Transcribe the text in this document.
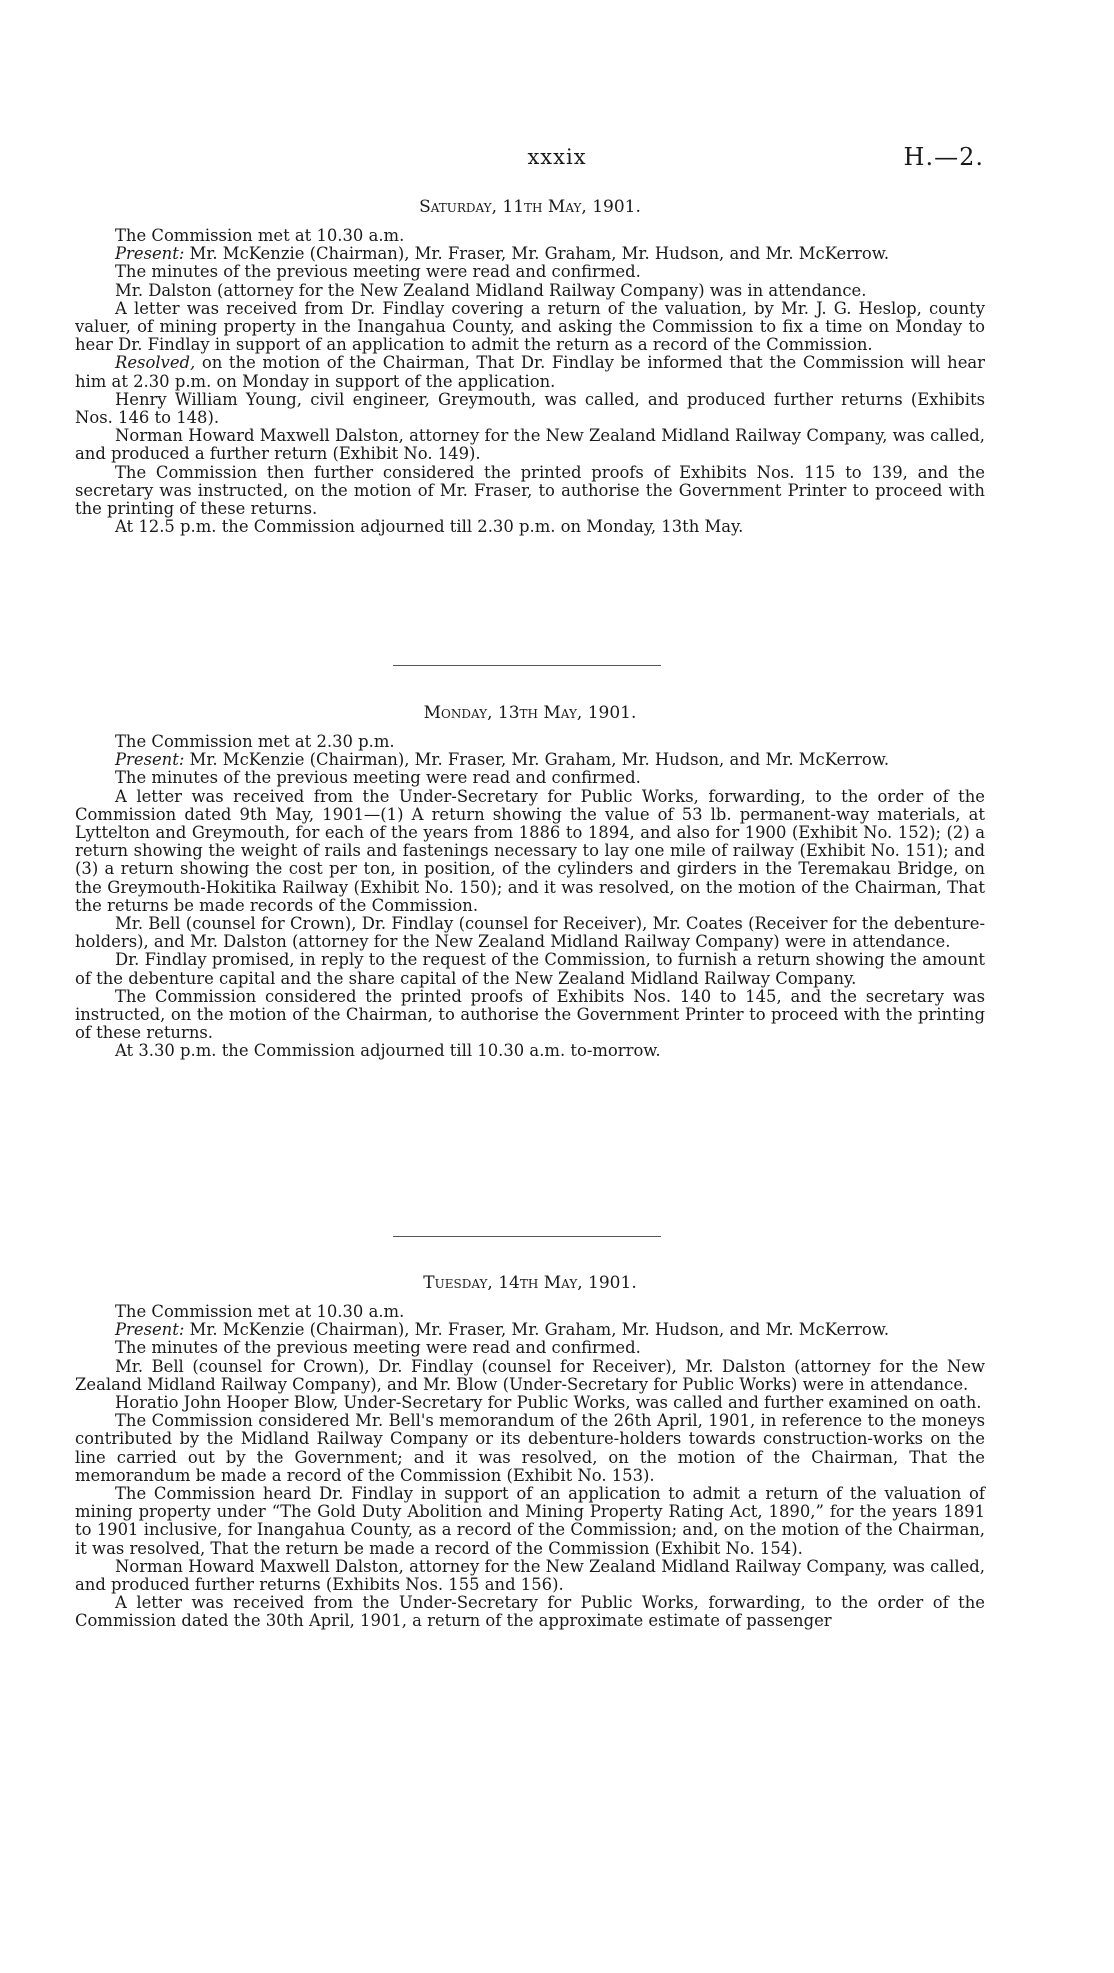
xxxix	H.—2.
Saturday, 11th May, 1901.

The Commission met at 10.30 a.m.

Present: Mr. McKenzie (Chairman), Mr. Fraser, Mr. Graham, Mr. Hudson, and Mr. McKerrow.

The minutes of the previous meeting were read and confirmed.

Mr. Dalston (attorney for the New Zealand Midland Railway Company) was in attendance.

A letter was received from Dr. Findlay covering a return of the valuation, by Mr. J. G. Heslop, county valuer, of mining property in the Inangahua County, and asking the Commission to fix a time on Monday to hear Dr. Findlay in support of an application to admit the return as a record of the Commission.

Resolved, on the motion of the Chairman, That Dr. Findlay be informed that the Commission will hear him at 2.30 p.m. on Monday in support of the application.

Henry William Young, civil engineer, Greymouth, was called, and produced further returns (Exhibits Nos. 146 to 148).

Norman Howard Maxwell Dalston, attorney for the New Zealand Midland Railway Company, was called, and produced a further return (Exhibit No. 149).

The Commission then further considered the printed proofs of Exhibits Nos. 115 to 139, and the secretary was instructed, on the motion of Mr. Fraser, to authorise the Government Printer to proceed with the printing of these returns.

At 12.5 p.m. the Commission adjourned till 2.30 p.m. on Monday, 13th May.

Monday, 13th May, 1901.

The Commission met at 2.30 p.m.

Present: Mr. McKenzie (Chairman), Mr. Fraser, Mr. Graham, Mr. Hudson, and Mr. McKerrow.

The minutes of the previous meeting were read and confirmed.

A letter was received from the Under-Secretary for Public Works, forwarding, to the order of the Commission dated 9th May, 1901—(1) A return showing the value of 53 lb. permanent-way materials, at Lyttelton and Greymouth, for each of the years from 1886 to 1894, and also for 1900 (Exhibit No. 152); (2) a return showing the weight of rails and fastenings necessary to lay one mile of railway (Exhibit No. 151); and (3) a return showing the cost per ton, in position, of the cylinders and girders in the Teremakau Bridge, on the Greymouth-Hokitika Railway (Exhibit No. 150); and it was resolved, on the motion of the Chairman, That the returns be made records of the Commission.

Mr. Bell (counsel for Crown), Dr. Findlay (counsel for Receiver), Mr. Coates (Receiver for the debenture-holders), and Mr. Dalston (attorney for the New Zealand Midland Railway Company) were in attendance.

Dr. Findlay promised, in reply to the request of the Commission, to furnish a return showing the amount of the debenture capital and the share capital of the New Zealand Midland Railway Company.

The Commission considered the printed proofs of Exhibits Nos. 140 to 145, and the secretary was instructed, on the motion of the Chairman, to authorise the Government Printer to proceed with the printing of these returns.

At 3.30 p.m. the Commission adjourned till 10.30 a.m. to-morrow.

Tuesday, 14th May, 1901.

The Commission met at 10.30 a.m.

Present: Mr. McKenzie (Chairman), Mr. Fraser, Mr. Graham, Mr. Hudson, and Mr. McKerrow.

The minutes of the previous meeting were read and confirmed.

Mr. Bell (counsel for Crown), Dr. Findlay (counsel for Receiver), Mr. Dalston (attorney for the New Zealand Midland Railway Company), and Mr. Blow (Under-Secretary for Public Works) were in attendance.

Horatio John Hooper Blow, Under-Secretary for Public Works, was called and further examined on oath.

The Commission considered Mr. Bell's memorandum of the 26th April, 1901, in reference to the moneys contributed by the Midland Railway Company or its debenture-holders towards construction-works on the line carried out by the Government; and it was resolved, on the motion of the Chairman, That the memorandum be made a record of the Commission (Exhibit No. 153).

The Commission heard Dr. Findlay in support of an application to admit a return of the valuation of mining property under “The Gold Duty Abolition and Mining Property Rating Act, 1890,” for the years 1891 to 1901 inclusive, for Inangahua County, as a record of the Commission; and, on the motion of the Chairman, it was resolved, That the return be made a record of the Commission (Exhibit No. 154).

Norman Howard Maxwell Dalston, attorney for the New Zealand Midland Railway Company, was called, and produced further returns (Exhibits Nos. 155 and 156).

A letter was received from the Under-Secretary for Public Works, forwarding, to the order of the Commission dated the 30th April, 1901, a return of the approximate estimate of passenger
